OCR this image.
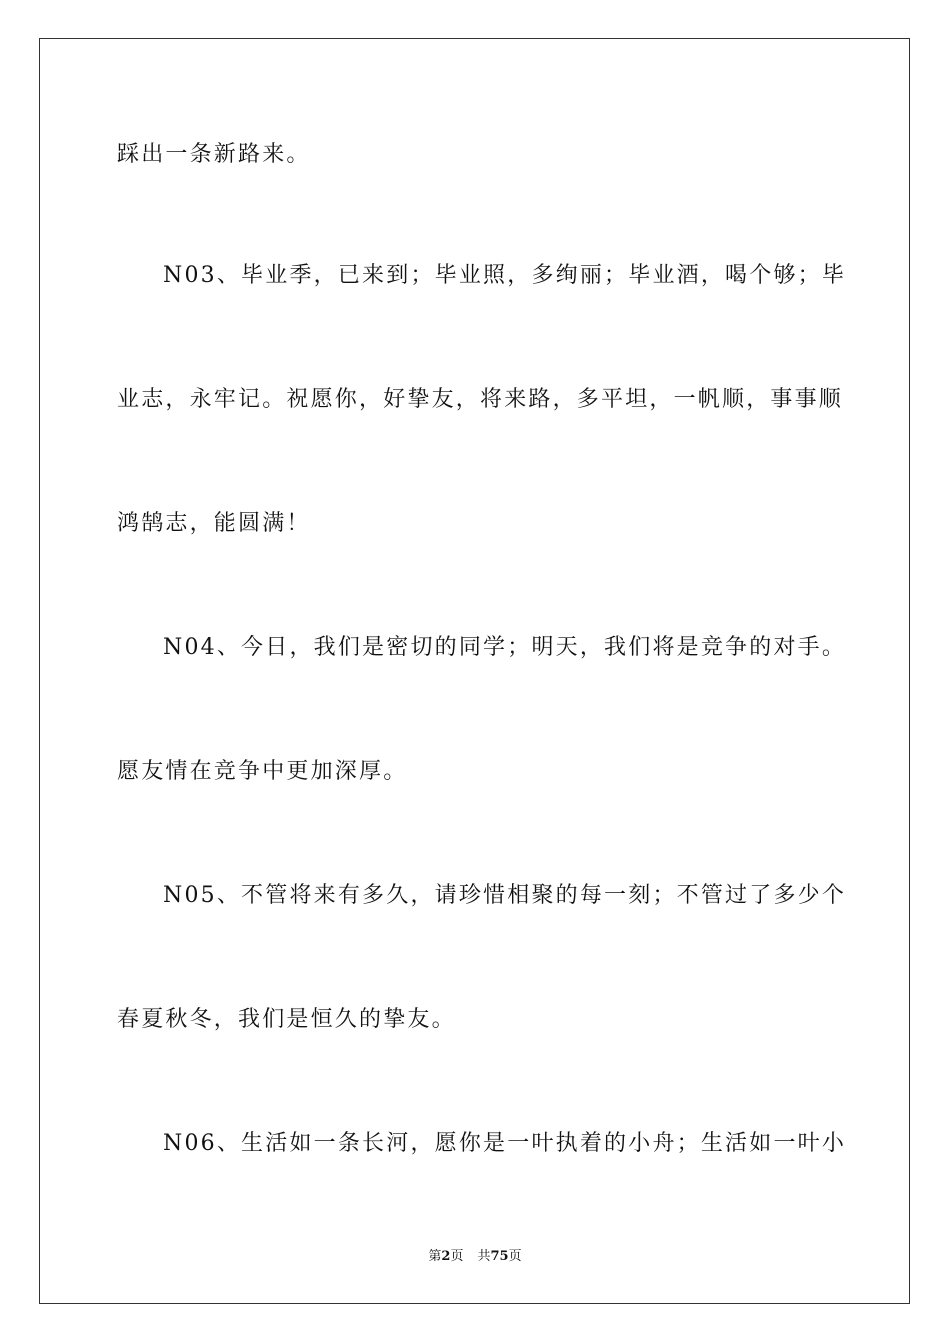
踩出一条新路来。
N03、毕业季，已来到；毕业照，多绚丽；毕业酒，喝个够；毕
业志，永牢记。祝愿你，好挚友，将来路，多平坦，一帆顺，事事顺
鸿鹄志，能圆满！
N04、今日，我们是密切的同学；明天，我们将是竞争的对手。
愿友情在竞争中更加深厚。
N05、不管将来有多久，请珍惜相聚的每一刻；不管过了多少个
春夏秋冬，我们是恒久的挚友。
N06、生活如一条长河，愿你是一叶执着的小舟；生活如一叶小
第2页 共75页
